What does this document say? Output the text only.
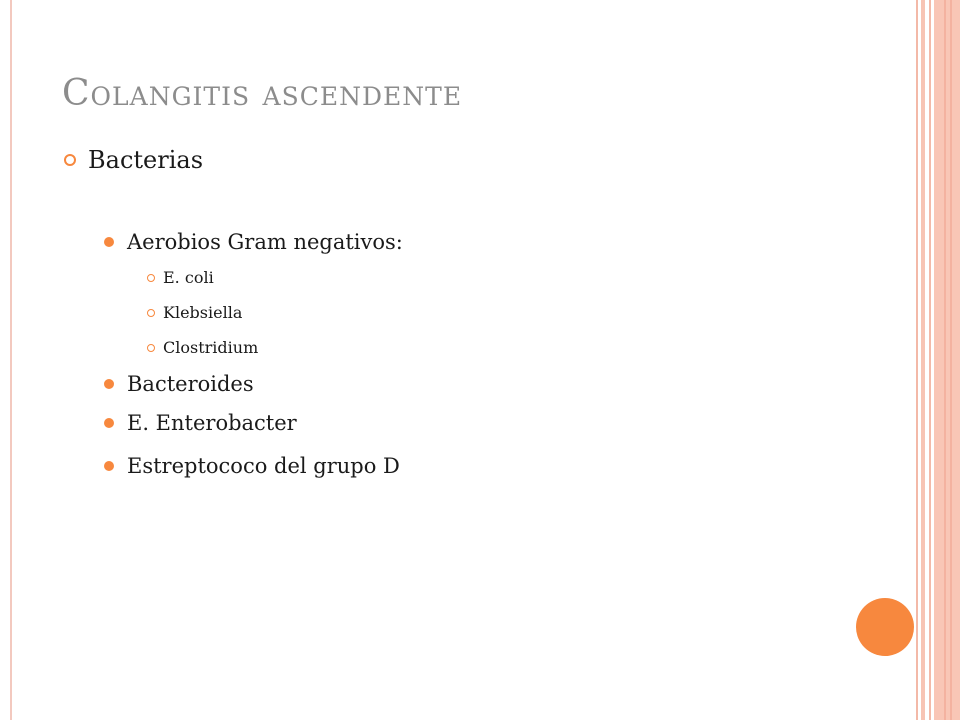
Colangitis ascendente
Bacterias
Aerobios Gram negativos:
E. coli
Klebsiella
Clostridium
Bacteroides
E. Enterobacter
Estreptococo del grupo D
